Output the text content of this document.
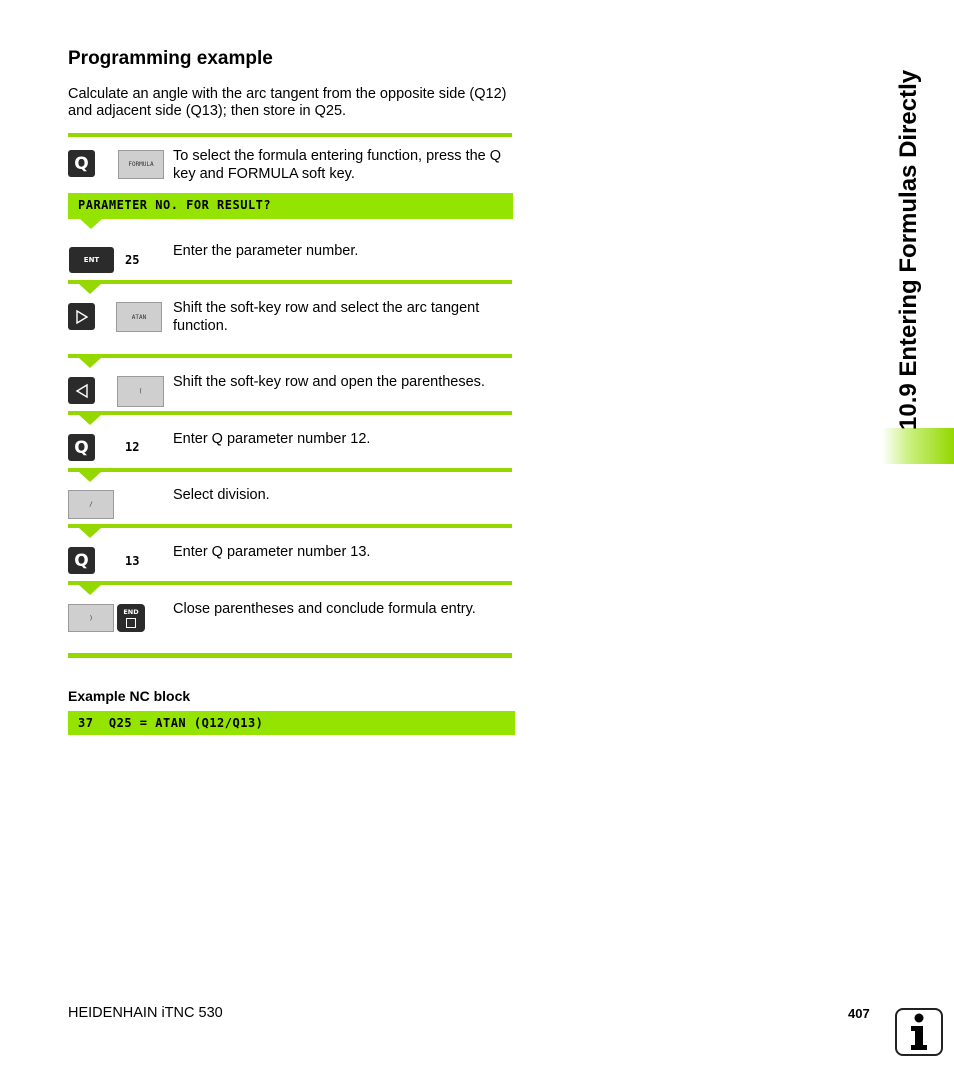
Programming example
Calculate an angle with the arc tangent from the opposite side (Q12) and adjacent side (Q13); then store in Q25.
Q	FORMULA
To select the formula entering function, press the Q key and FORMULA soft key.
PARAMETER NO. FOR RESULT?
ENT	25
Enter the parameter number.
ATAN
Shift the soft-key row and select the arc tangent function.
(
Shift the soft-key row and open the parentheses.
Q	12 Enter Q parameter number 12.
/
Select division.
Q	13
Enter Q parameter number 13.
)
END Close parentheses and conclude formula entry.
Example NC block
37  Q25 = ATAN (Q12/Q13)
10.9 Entering Formulas Directly
HEIDENHAIN iTNC 530	407
